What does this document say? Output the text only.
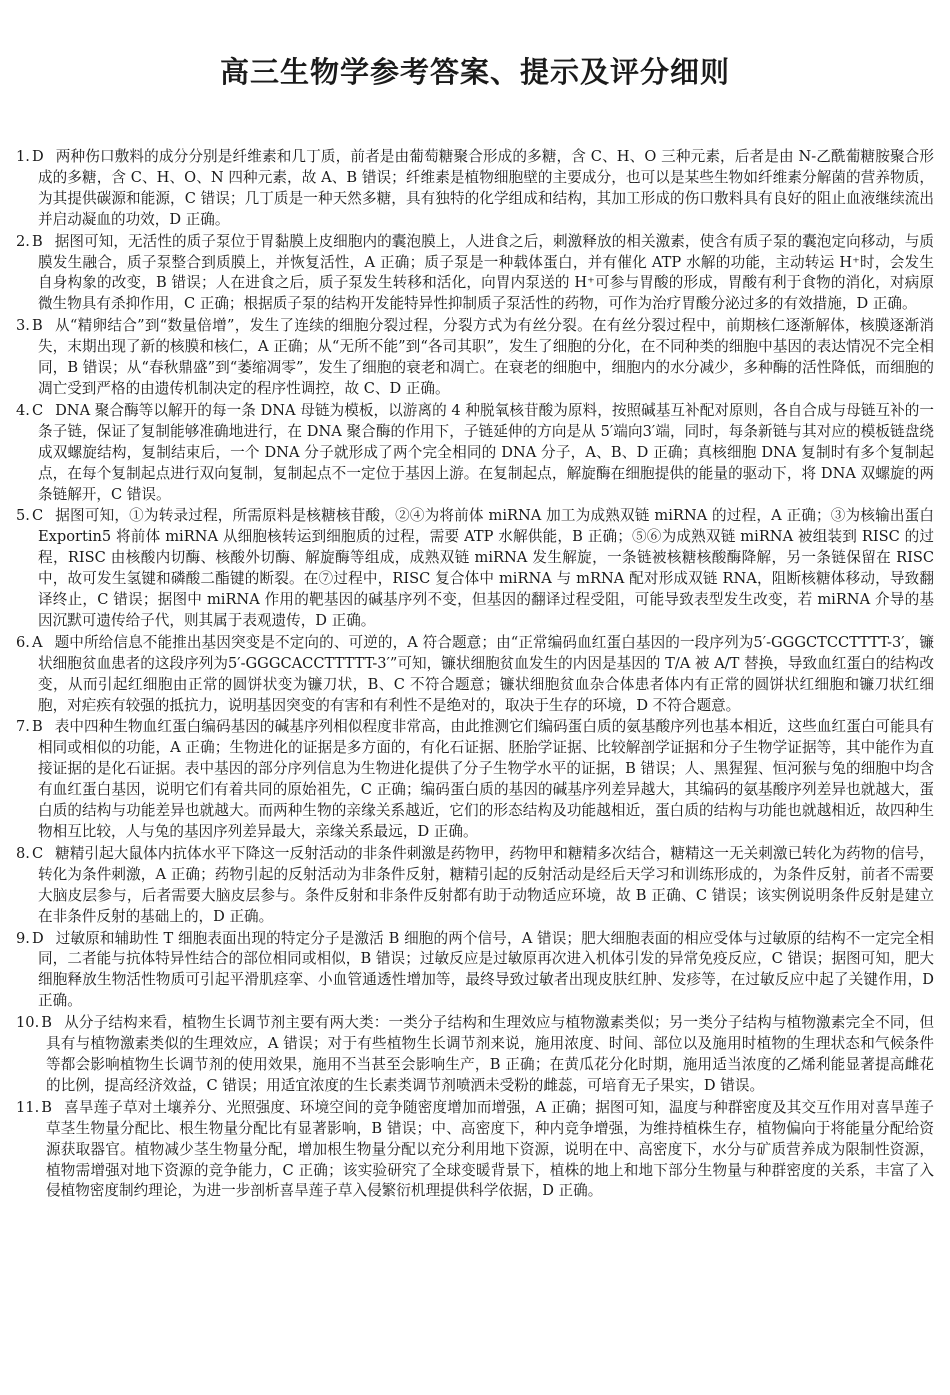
高三生物学参考答案、提示及评分细则
1. D 两种伤口敷料的成分分别是纤维素和几丁质，前者是由葡萄糖聚合形成的多糖，含 C、H、O 三种元素，后者是由 N-乙酰葡糖胺聚合形成的多糖，含 C、H、O、N 四种元素，故 A、B 错误；纤维素是植物细胞壁的主要成分，也可以是某些生物如纤维素分解菌的营养物质，为其提供碳源和能源，C 错误；几丁质是一种天然多糖，具有独特的化学组成和结构，其加工形成的伤口敷料具有良好的阻止血液继续流出并启动凝血的功效，D 正确。
2. B 据图可知，无活性的质子泵位于胃黏膜上皮细胞内的囊泡膜上，人进食之后，刺激释放的相关激素，使含有质子泵的囊泡定向移动，与质膜发生融合，质子泵整合到质膜上，并恢复活性，A 正确；质子泵是一种载体蛋白，并有催化 ATP 水解的功能，主动转运 H⁺时，会发生自身构象的改变，B 错误；人在进食之后，质子泵发生转移和活化，向胃内泵送的 H⁺可参与胃酸的形成，胃酸有利于食物的消化，对病原微生物具有杀抑作用，C 正确；根据质子泵的结构开发能特异性抑制质子泵活性的药物，可作为治疗胃酸分泌过多的有效措施，D 正确。
3. B 从“精卵结合”到“数量倍增”，发生了连续的细胞分裂过程，分裂方式为有丝分裂。在有丝分裂过程中，前期核仁逐渐解体，核膜逐渐消失，末期出现了新的核膜和核仁，A 正确；从“无所不能”到“各司其职”，发生了细胞的分化，在不同种类的细胞中基因的表达情况不完全相同，B 错误；从“春秋鼎盛”到“萎缩凋零”，发生了细胞的衰老和凋亡。在衰老的细胞中，细胞内的水分减少，多种酶的活性降低，而细胞的凋亡受到严格的由遗传机制决定的程序性调控，故 C、D 正确。
4. C DNA 聚合酶等以解开的每一条 DNA 母链为模板，以游离的 4 种脱氧核苷酸为原料，按照碱基互补配对原则，各自合成与母链互补的一条子链，保证了复制能够准确地进行，在 DNA 聚合酶的作用下，子链延伸的方向是从 5′端向3′端，同时，每条新链与其对应的模板链盘绕成双螺旋结构，复制结束后，一个 DNA 分子就形成了两个完全相同的 DNA 分子，A、B、D 正确；真核细胞 DNA 复制时有多个复制起点，在每个复制起点进行双向复制，复制起点不一定位于基因上游。在复制起点，解旋酶在细胞提供的能量的驱动下，将 DNA 双螺旋的两条链解开，C 错误。
5. C 据图可知，①为转录过程，所需原料是核糖核苷酸，②④为将前体 miRNA 加工为成熟双链 miRNA 的过程，A 正确；③为核输出蛋白 Exportin5 将前体 miRNA 从细胞核转运到细胞质的过程，需要 ATP 水解供能，B 正确；⑤⑥为成熟双链 miRNA 被组装到 RISC 的过程，RISC 由核酸内切酶、核酸外切酶、解旋酶等组成，成熟双链 miRNA 发生解旋，一条链被核糖核酸酶降解，另一条链保留在 RISC 中，故可发生氢键和磷酸二酯键的断裂。在⑦过程中，RISC 复合体中 miRNA 与 mRNA 配对形成双链 RNA，阻断核糖体移动，导致翻译终止，C 错误；据图中 miRNA 作用的靶基因的碱基序列不变，但基因的翻译过程受阻，可能导致表型发生改变，若 miRNA 介导的基因沉默可遗传给子代，则其属于表观遗传，D 正确。
6. A 题中所给信息不能推出基因突变是不定向的、可逆的，A 符合题意；由“正常编码血红蛋白基因的一段序列为5′-GGGCTCCTTTT-3′，镰状细胞贫血患者的这段序列为5′-GGGCACCTTTTT-3′”可知，镰状细胞贫血发生的内因是基因的 T/A 被 A/T 替换，导致血红蛋白的结构改变，从而引起红细胞由正常的圆饼状变为镰刀状，B、C 不符合题意；镰状细胞贫血杂合体患者体内有正常的圆饼状红细胞和镰刀状红细胞，对疟疾有较强的抵抗力，说明基因突变的有害和有利性不是绝对的，取决于生存的环境，D 不符合题意。
7. B 表中四种生物血红蛋白编码基因的碱基序列相似程度非常高，由此推测它们编码蛋白质的氨基酸序列也基本相近，这些血红蛋白可能具有相同或相似的功能，A 正确；生物进化的证据是多方面的，有化石证据、胚胎学证据、比较解剖学证据和分子生物学证据等，其中能作为直接证据的是化石证据。表中基因的部分序列信息为生物进化提供了分子生物学水平的证据，B 错误；人、黑猩猩、恒河猴与兔的细胞中均含有血红蛋白基因，说明它们有着共同的原始祖先，C 正确；编码蛋白质的基因的碱基序列差异越大，其编码的氨基酸序列差异也就越大，蛋白质的结构与功能差异也就越大。而两种生物的亲缘关系越近，它们的形态结构及功能越相近，蛋白质的结构与功能也就越相近，故四种生物相互比较，人与兔的基因序列差异最大，亲缘关系最远，D 正确。
8. C 糖精引起大鼠体内抗体水平下降这一反射活动的非条件刺激是药物甲，药物甲和糖精多次结合，糖精这一无关刺激已转化为药物的信号，转化为条件刺激，A 正确；药物引起的反射活动为非条件反射，糖精引起的反射活动是经后天学习和训练形成的，为条件反射，前者不需要大脑皮层参与，后者需要大脑皮层参与。条件反射和非条件反射都有助于动物适应环境，故 B 正确、C 错误；该实例说明条件反射是建立在非条件反射的基础上的，D 正确。
9. D 过敏原和辅助性 T 细胞表面出现的特定分子是激活 B 细胞的两个信号，A 错误；肥大细胞表面的相应受体与过敏原的结构不一定完全相同，二者能与抗体特异性结合的部位相同或相似，B 错误；过敏反应是过敏原再次进入机体引发的异常免疫反应，C 错误；据图可知，肥大细胞释放生物活性物质可引起平滑肌痉挛、小血管通透性增加等，最终导致过敏者出现皮肤红肿、发疹等，在过敏反应中起了关键作用，D 正确。
10. B 从分子结构来看，植物生长调节剂主要有两大类：一类分子结构和生理效应与植物激素类似；另一类分子结构与植物激素完全不同，但具有与植物激素类似的生理效应，A 错误；对于有些植物生长调节剂来说，施用浓度、时间、部位以及施用时植物的生理状态和气候条件等都会影响植物生长调节剂的使用效果，施用不当甚至会影响生产，B 正确；在黄瓜花分化时期，施用适当浓度的乙烯利能显著提高雌花的比例，提高经济效益，C 错误；用适宜浓度的生长素类调节剂喷洒未受粉的雌蕊，可培育无子果实，D 错误。
11. B 喜旱莲子草对土壤养分、光照强度、环境空间的竞争随密度增加而增强，A 正确；据图可知，温度与种群密度及其交互作用对喜旱莲子草茎生物量分配比、根生物量分配比有显著影响，B 错误；中、高密度下，种内竞争增强，为维持植株生存，植物偏向于将能量分配给资源获取器官。植物减少茎生物量分配，增加根生物量分配以充分利用地下资源，说明在中、高密度下，水分与矿质营养成为限制性资源，植物需增强对地下资源的竞争能力，C 正确；该实验研究了全球变暖背景下，植株的地上和地下部分生物量与种群密度的关系，丰富了入侵植物密度制约理论，为进一步剖析喜旱莲子草入侵繁衍机理提供科学依据，D 正确。
